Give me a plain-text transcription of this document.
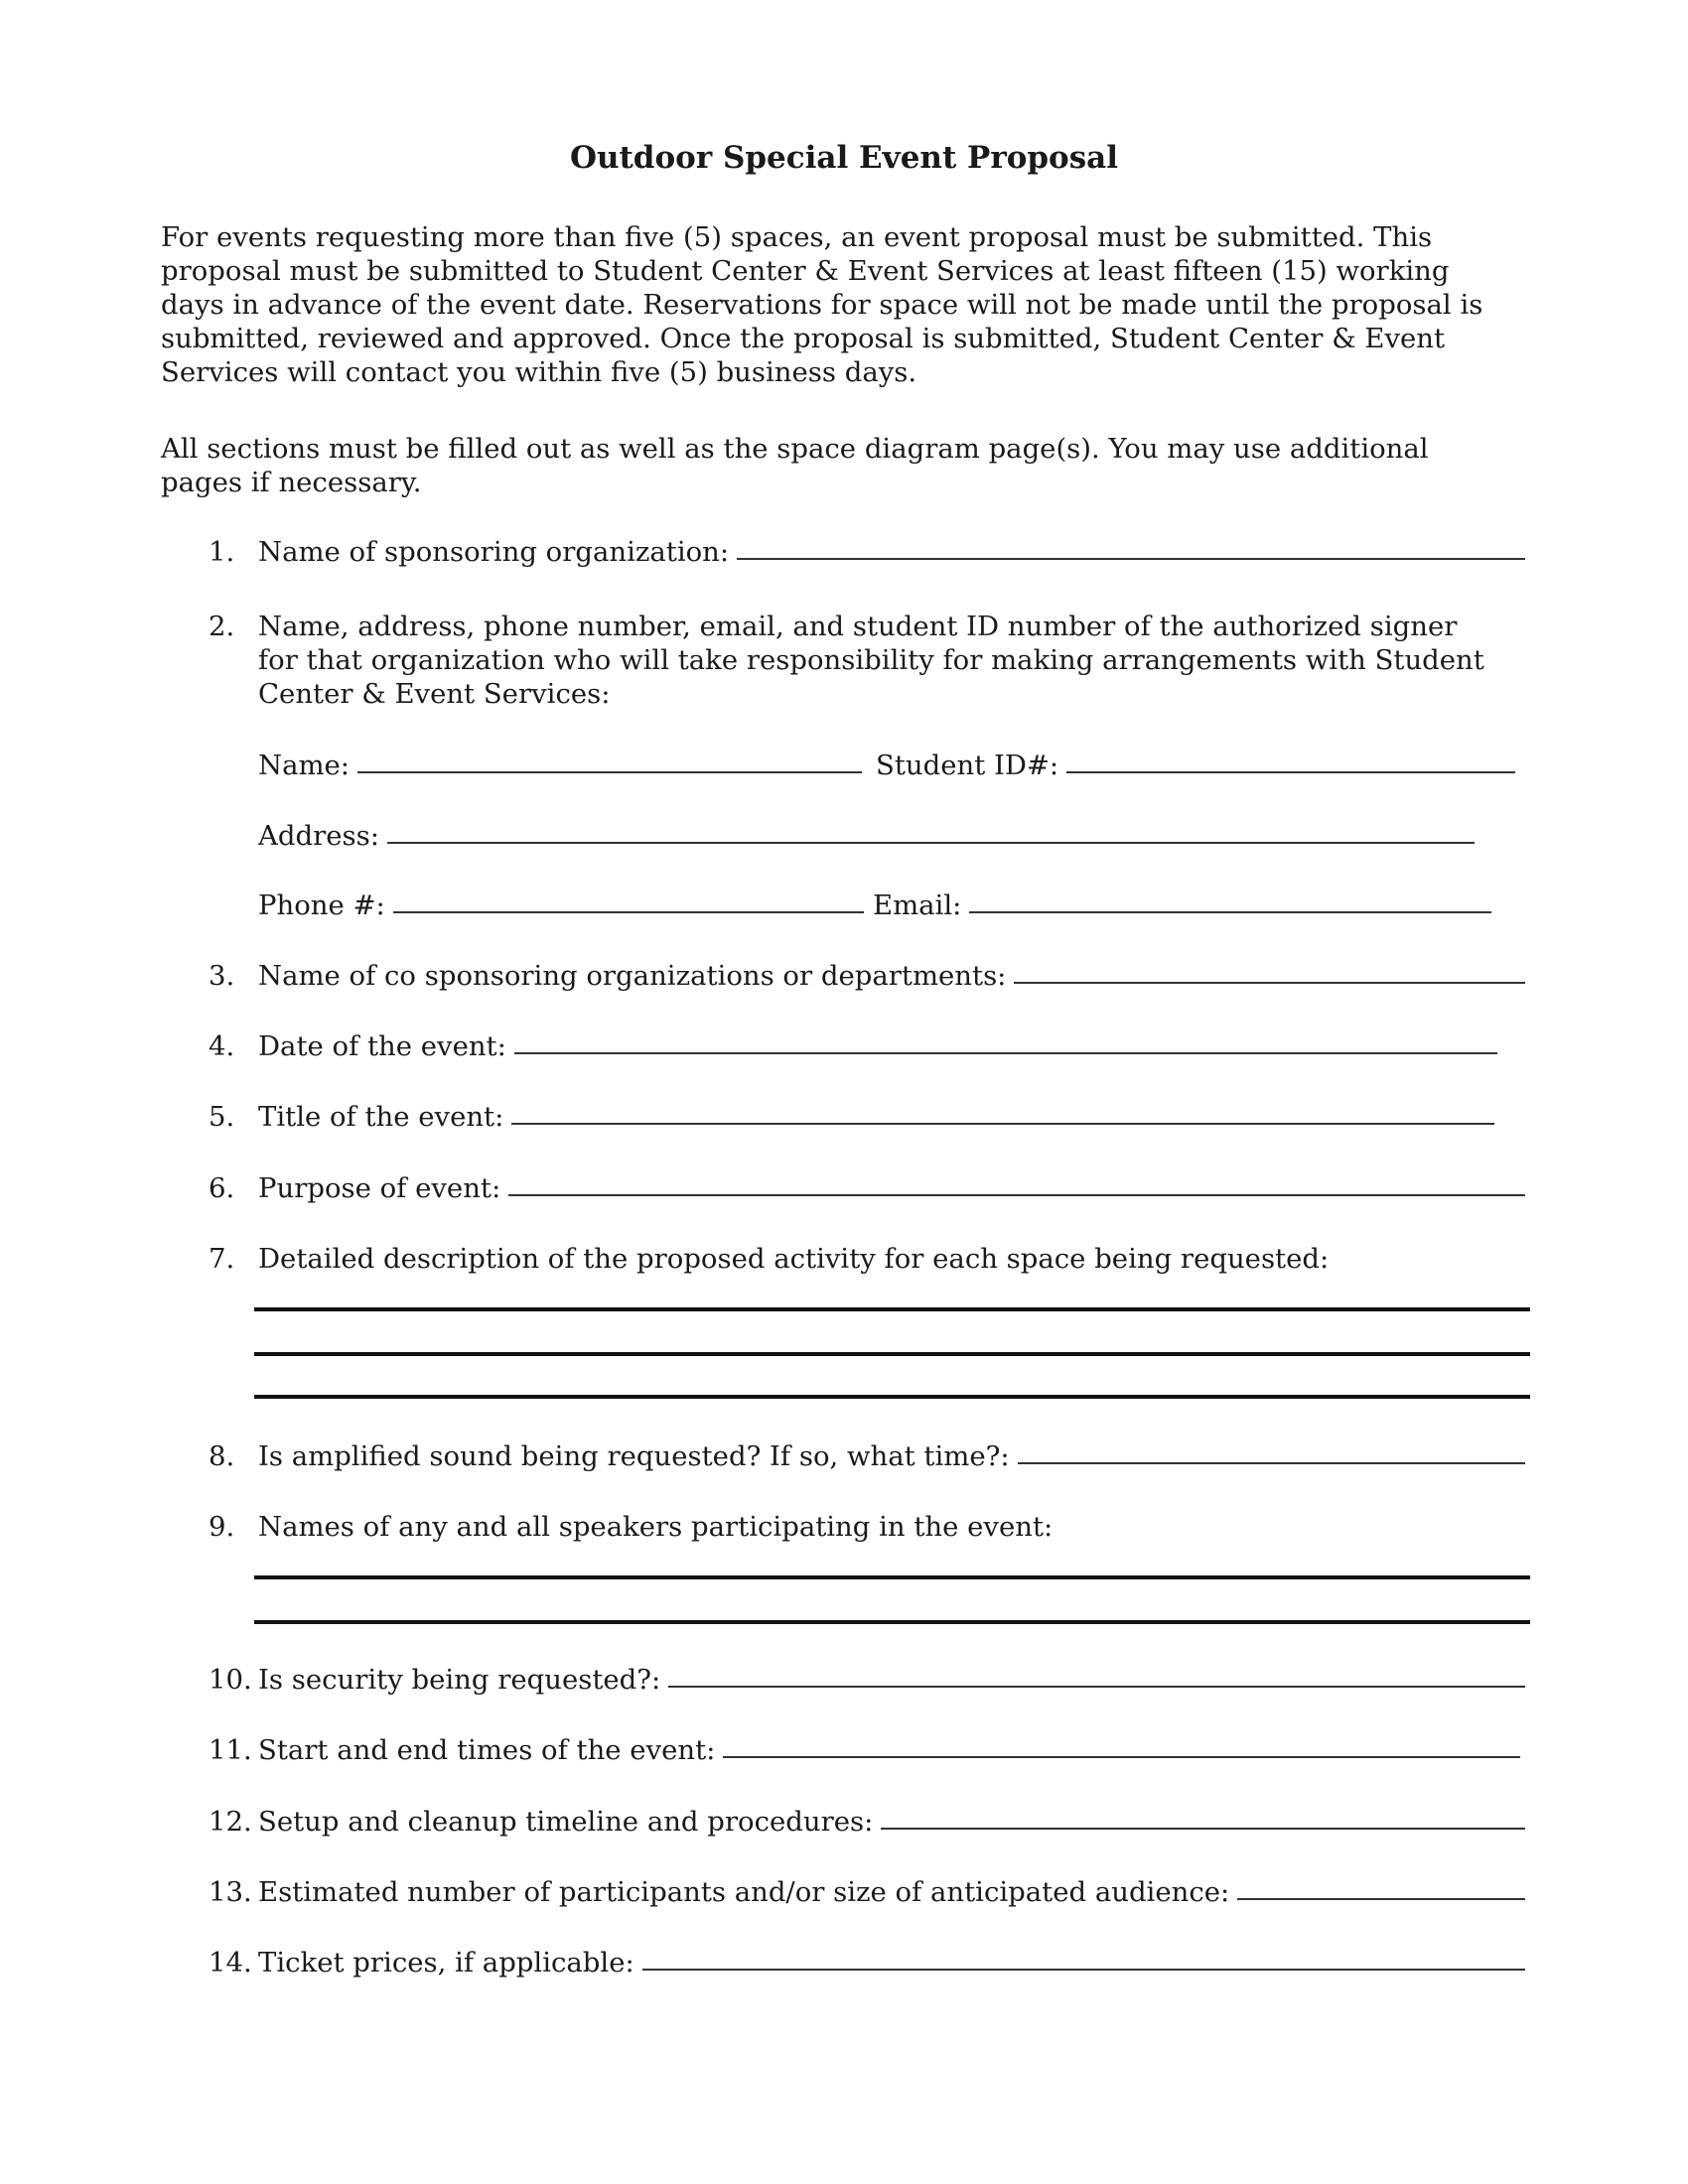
Outdoor Special Event Proposal

For events requesting more than five (5) spaces, an event proposal must be submitted. This proposal must be submitted to Student Center & Event Services at least fifteen (15) working days in advance of the event date. Reservations for space will not be made until the proposal is submitted, reviewed and approved. Once the proposal is submitted, Student Center & Event Services will contact you within five (5) business days.

All sections must be filled out as well as the space diagram page(s). You may use additional pages if necessary.

1. Name of sponsoring organization:
2. Name, address, phone number, email, and student ID number of the authorized signer for that organization who will take responsibility for making arrangements with Student Center & Event Services:
Name:	Student ID#:
Address:
Phone #:	Email:
3. Name of co sponsoring organizations or departments:
4. Date of the event:
5. Title of the event:
6. Purpose of event:
7. Detailed description of the proposed activity for each space being requested:
8. Is amplified sound being requested? If so, what time?:
9. Names of any and all speakers participating in the event:
10. Is security being requested?:
11. Start and end times of the event:
12. Setup and cleanup timeline and procedures:
13. Estimated number of participants and/or size of anticipated audience:
14. Ticket prices, if applicable:
